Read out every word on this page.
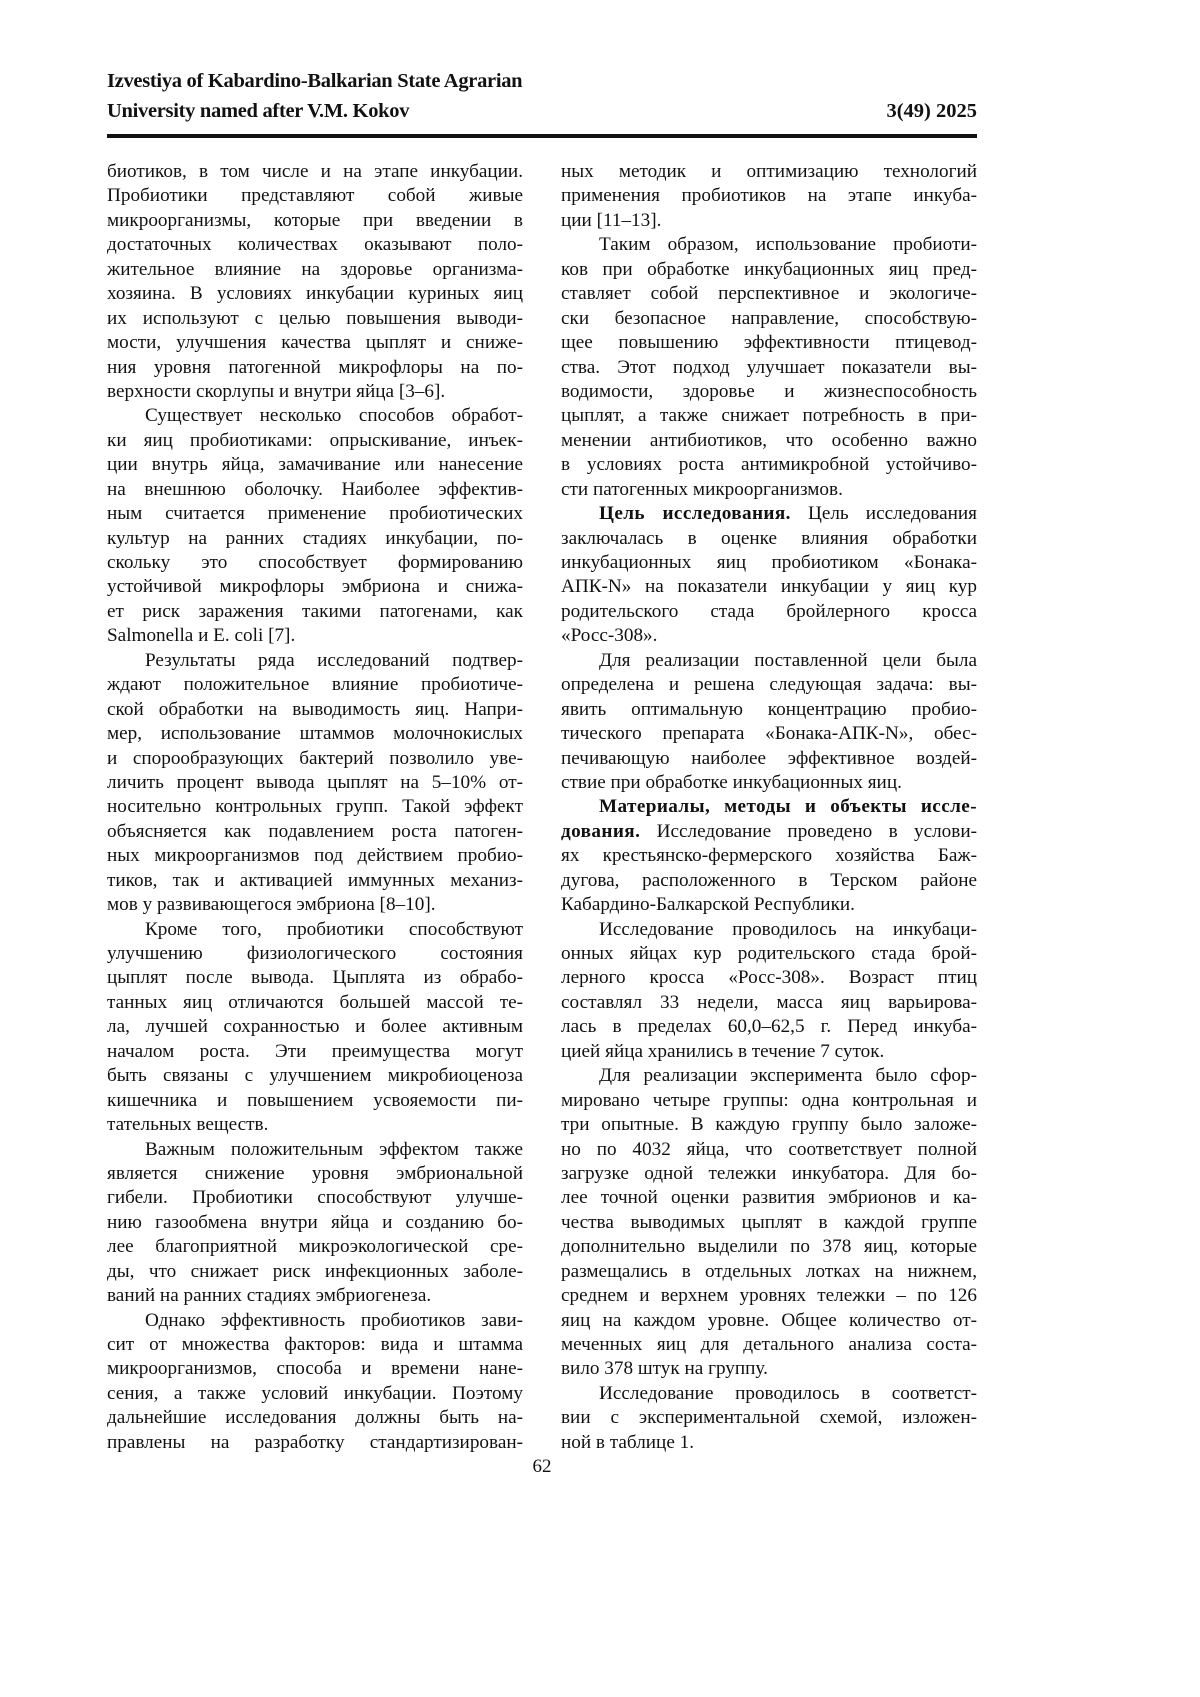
Izvestiya of Kabardino-Balkarian State Agrarian
University named after V.M. Kokov	3(49) 2025
биотиков, в том числе и на этапе инкубации.
Пробиотики представляют собой живые
микроорганизмы, которые при введении в
достаточных количествах оказывают поло-
жительное влияние на здоровье организма-
хозяина. В условиях инкубации куриных яиц
их используют с целью повышения выводи-
мости, улучшения качества цыплят и сниже-
ния уровня патогенной микрофлоры на по-
верхности скорлупы и внутри яйца [3–6].
Существует несколько способов обработ-
ки яиц пробиотиками: опрыскивание, инъек-
ции внутрь яйца, замачивание или нанесение
на внешнюю оболочку. Наиболее эффектив-
ным считается применение пробиотических
культур на ранних стадиях инкубации, по-
скольку это способствует формированию
устойчивой микрофлоры эмбриона и снижа-
ет риск заражения такими патогенами, как
Salmonella и E. coli [7].
Результаты ряда исследований подтвер-
ждают положительное влияние пробиотиче-
ской обработки на выводимость яиц. Напри-
мер, использование штаммов молочнокислых
и спорообразующих бактерий позволило уве-
личить процент вывода цыплят на 5–10% от-
носительно контрольных групп. Такой эффект
объясняется как подавлением роста патоген-
ных микроорганизмов под действием пробио-
тиков, так и активацией иммунных механиз-
мов у развивающегося эмбриона [8–10].
Кроме того, пробиотики способствуют
улучшению физиологического состояния
цыплят после вывода. Цыплята из обрабо-
танных яиц отличаются большей массой те-
ла, лучшей сохранностью и более активным
началом роста. Эти преимущества могут
быть связаны с улучшением микробиоценоза
кишечника и повышением усвояемости пи-
тательных веществ.
Важным положительным эффектом также
является снижение уровня эмбриональной
гибели. Пробиотики способствуют улучше-
нию газообмена внутри яйца и созданию бо-
лее благоприятной микроэкологической сре-
ды, что снижает риск инфекционных заболе-
ваний на ранних стадиях эмбриогенеза.
Однако эффективность пробиотиков зави-
сит от множества факторов: вида и штамма
микроорганизмов, способа и времени нане-
сения, а также условий инкубации. Поэтому
дальнейшие исследования должны быть на-
правлены на разработку стандартизирован-
ных методик и оптимизацию технологий
применения пробиотиков на этапе инкуба-
ции [11–13].
Таким образом, использование пробиоти-
ков при обработке инкубационных яиц пред-
ставляет собой перспективное и экологиче-
ски безопасное направление, способствую-
щее повышению эффективности птицевод-
ства. Этот подход улучшает показатели вы-
водимости, здоровье и жизнеспособность
цыплят, а также снижает потребность в при-
менении антибиотиков, что особенно важно
в условиях роста антимикробной устойчиво-
сти патогенных микроорганизмов.
Цель исследования. Цель исследования
заключалась в оценке влияния обработки
инкубационных яиц пробиотиком «Бонака-
АПК-N» на показатели инкубации у яиц кур
родительского стада бройлерного кросса
«Росс-308».
Для реализации поставленной цели была
определена и решена следующая задача: вы-
явить оптимальную концентрацию пробио-
тического препарата «Бонака-АПК-N», обес-
печивающую наиболее эффективное воздей-
ствие при обработке инкубационных яиц.
Материалы, методы и объекты иссле-
дования. Исследование проведено в услови-
ях крестьянско-фермерского хозяйства Баж-
дугова, расположенного в Терском районе
Кабардино-Балкарской Республики.
Исследование проводилось на инкубаци-
онных яйцах кур родительского стада брой-
лерного кросса «Росс-308». Возраст птиц
составлял 33 недели, масса яиц варьирова-
лась в пределах 60,0–62,5 г. Перед инкуба-
цией яйца хранились в течение 7 суток.
Для реализации эксперимента было сфор-
мировано четыре группы: одна контрольная и
три опытные. В каждую группу было заложе-
но по 4032 яйца, что соответствует полной
загрузке одной тележки инкубатора. Для бо-
лее точной оценки развития эмбрионов и ка-
чества выводимых цыплят в каждой группе
дополнительно выделили по 378 яиц, которые
размещались в отдельных лотках на нижнем,
среднем и верхнем уровнях тележки – по 126
яиц на каждом уровне. Общее количество от-
меченных яиц для детального анализа соста-
вило 378 штук на группу.
Исследование проводилось в соответст-
вии с экспериментальной схемой, изложен-
ной в таблице 1.
62
